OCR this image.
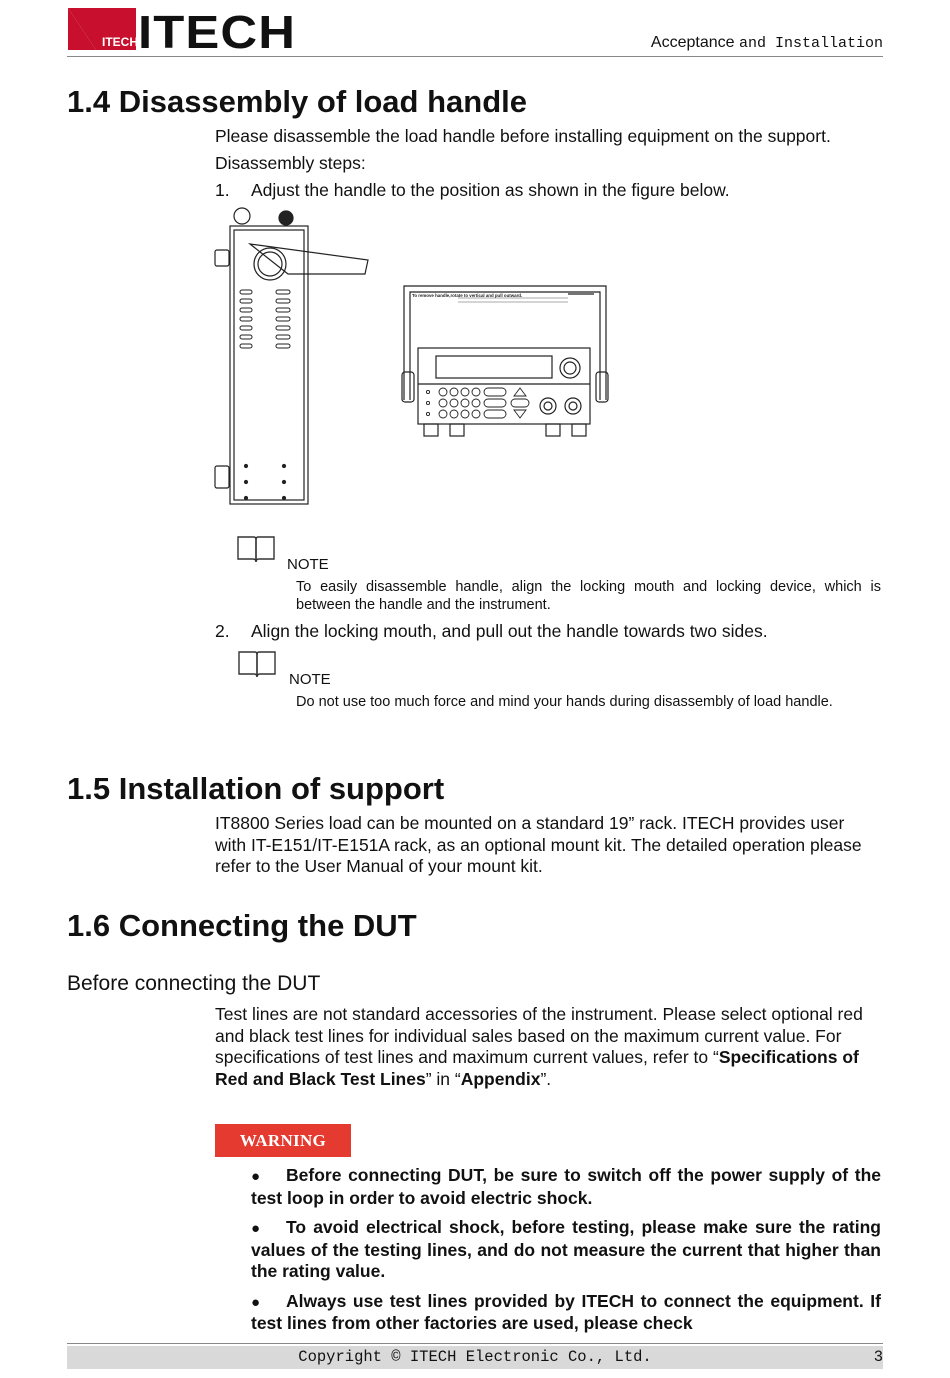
ITECH ITECH	Acceptance and Installation
1.4 Disassembly of load handle

Please disassemble the load handle before installing equipment on the support.

Disassembly steps:

1. Adjust the handle to the position as shown in the figure below.
To remove handle,rotate to vertical and pull outward.
NOTE

To easily disassemble handle, align the locking mouth and locking device, which is between the handle and the instrument.

2. Align the locking mouth, and pull out the handle towards two sides.
NOTE

Do not use too much force and mind your hands during disassembly of load handle.

1.5 Installation of support

IT8800 Series load can be mounted on a standard 19” rack. ITECH provides user with IT-E151/IT-E151A rack, as an optional mount kit. The detailed operation please refer to the User Manual of your mount kit.

1.6 Connecting the DUT
Before connecting the DUT

Test lines are not standard accessories of the instrument. Please select optional red and black test lines for individual sales based on the maximum current value. For specifications of test lines and maximum current values, refer to “Specifications of Red and Black Test Lines” in “Appendix”.

WARNING
● Before connecting DUT, be sure to switch off the power supply of the test loop in order to avoid electric shock.
● To avoid electrical shock, before testing, please make sure the rating values of the testing lines, and do not measure the current that higher than the rating value.
● Always use test lines provided by ITECH to connect the equipment. If test lines from other factories are used, please check
Copyright © ITECH Electronic Co., Ltd.	3
